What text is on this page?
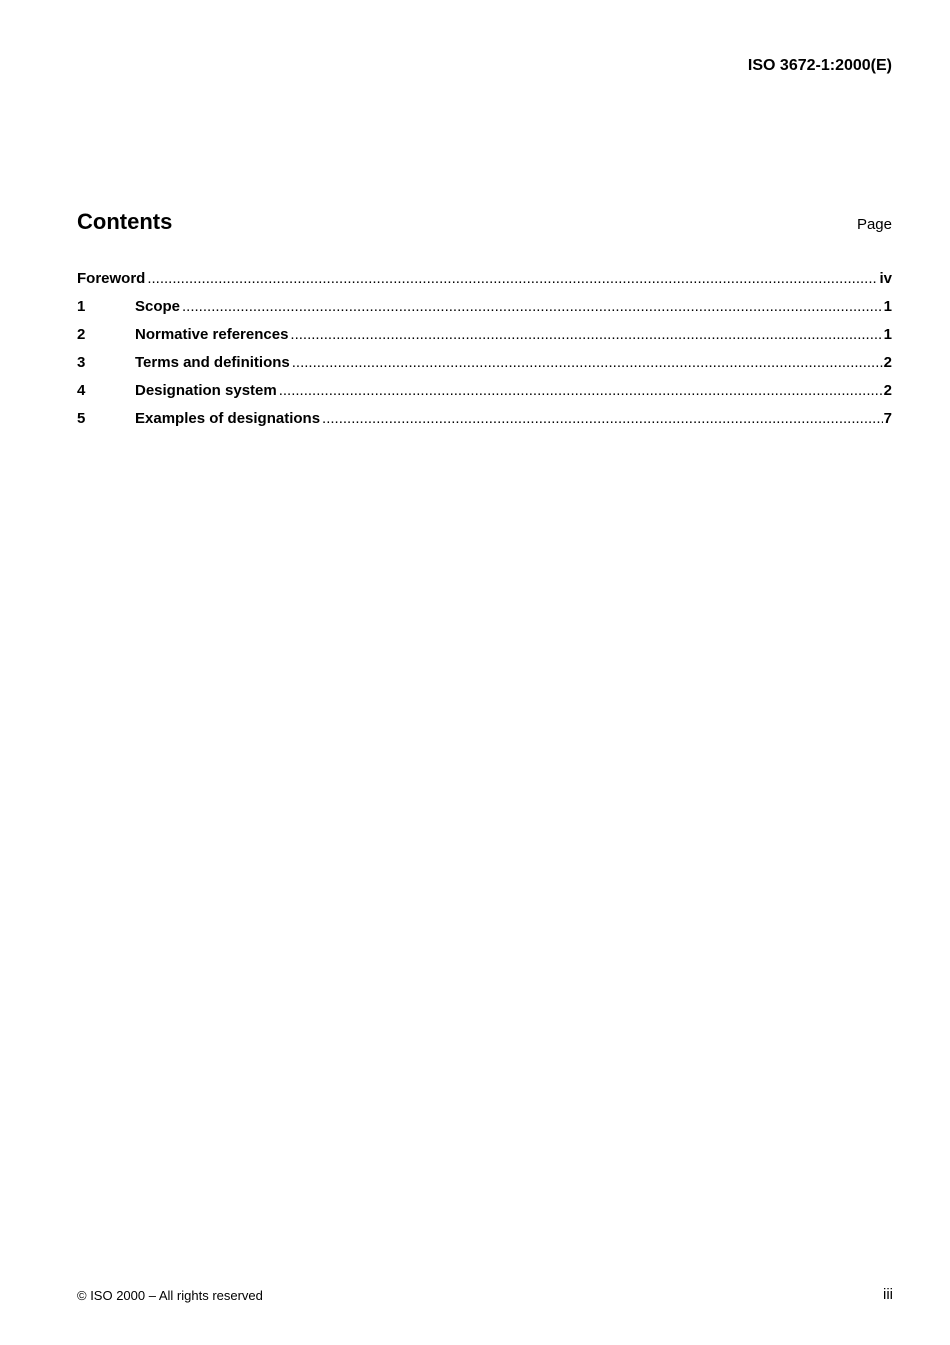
ISO 3672-1:2000(E)
Contents	Page
Foreword .....	iv
1	Scope .....	1
2	Normative references .....	1
3	Terms and definitions .....	2
4	Designation system .....	2
5	Examples of designations .....	7
© ISO 2000 – All rights reserved	iii
